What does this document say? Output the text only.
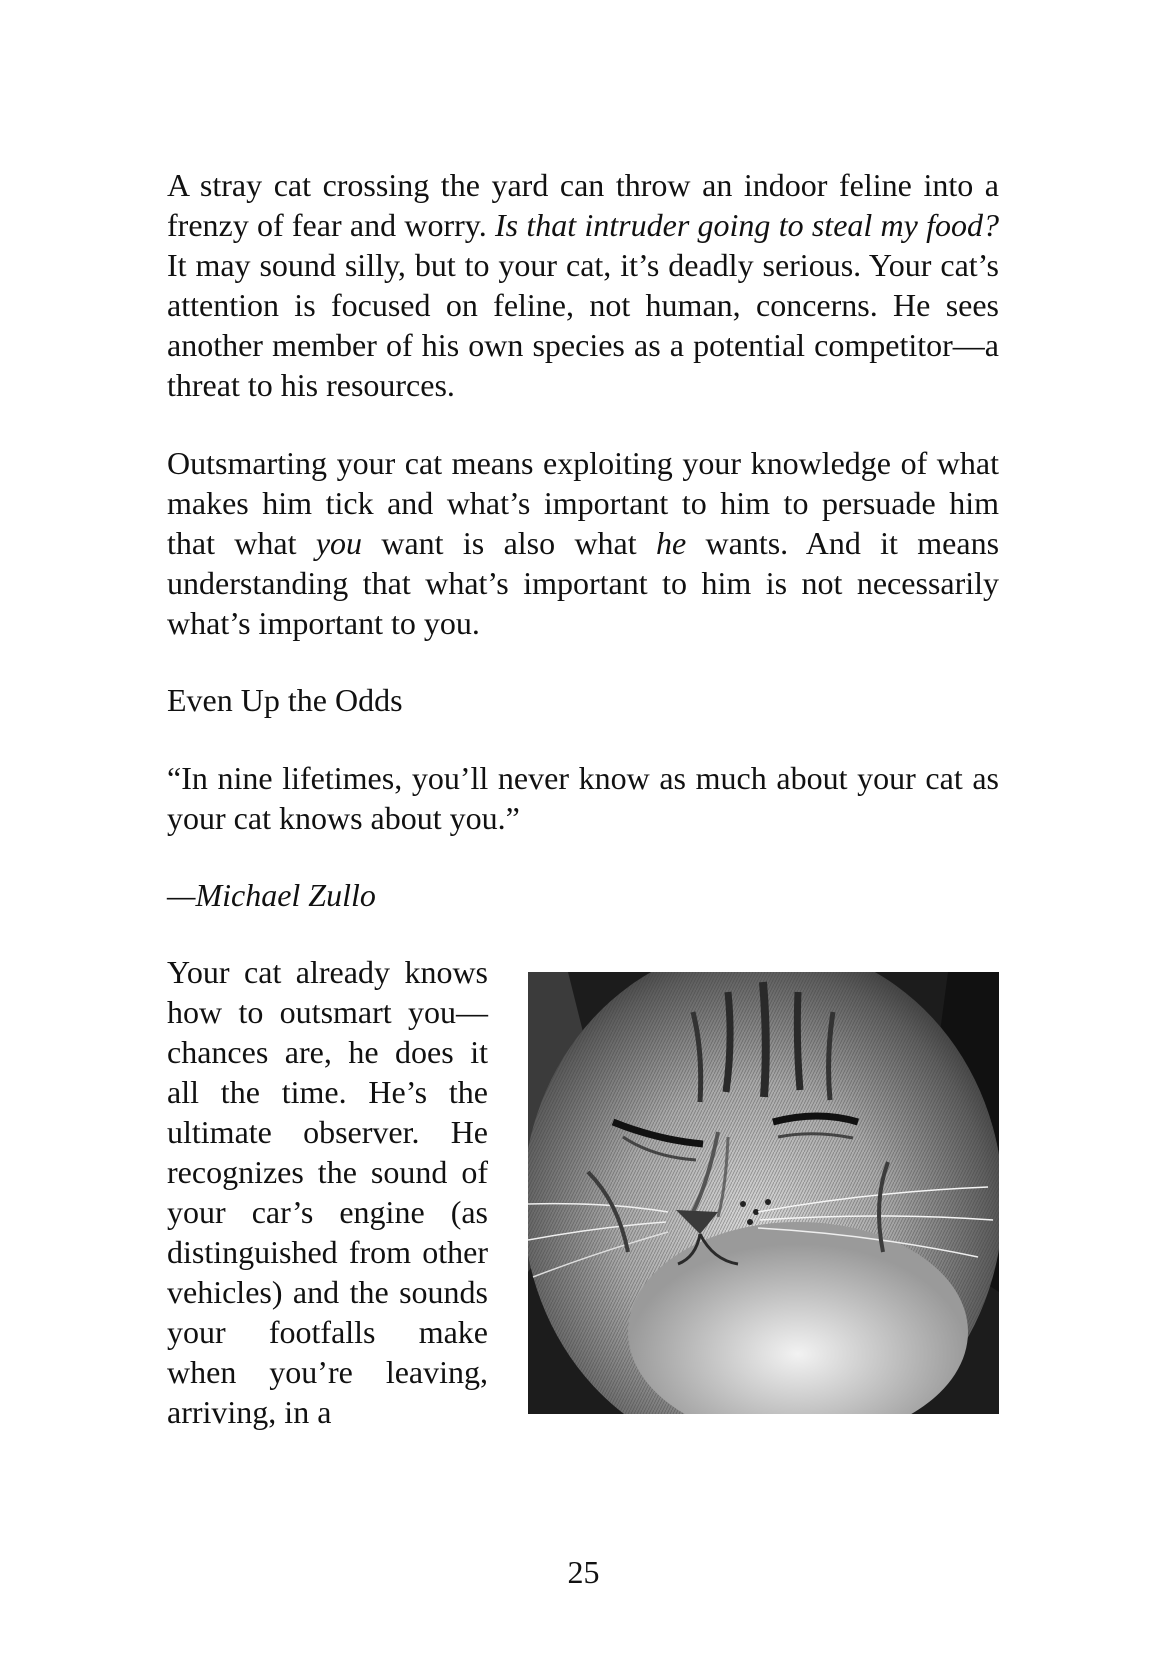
A stray cat crossing the yard can throw an indoor feline into a frenzy of fear and worry. Is that intruder going to steal my food? It may sound silly, but to your cat, it’s deadly serious. Your cat’s attention is focused on feline, not human, concerns. He sees another member of his own species as a potential competitor—a threat to his resources.

Outsmarting your cat means exploiting your knowledge of what makes him tick and what’s important to him to persuade him that what you want is also what he wants. And it means understanding that what’s important to him is not necessarily what’s important to you.

Even Up the Odds
“In nine lifetimes, you’ll never know as much about your cat as your cat knows about you.”
—Michael Zullo

Your cat already knows how to outsmart you—chances are, he does it all the time. He’s the ultimate observer. He recognizes the sound of your car’s engine (as distinguished from other vehicles) and the sounds your footfalls make when you’re leaving, arriving, in a

25
